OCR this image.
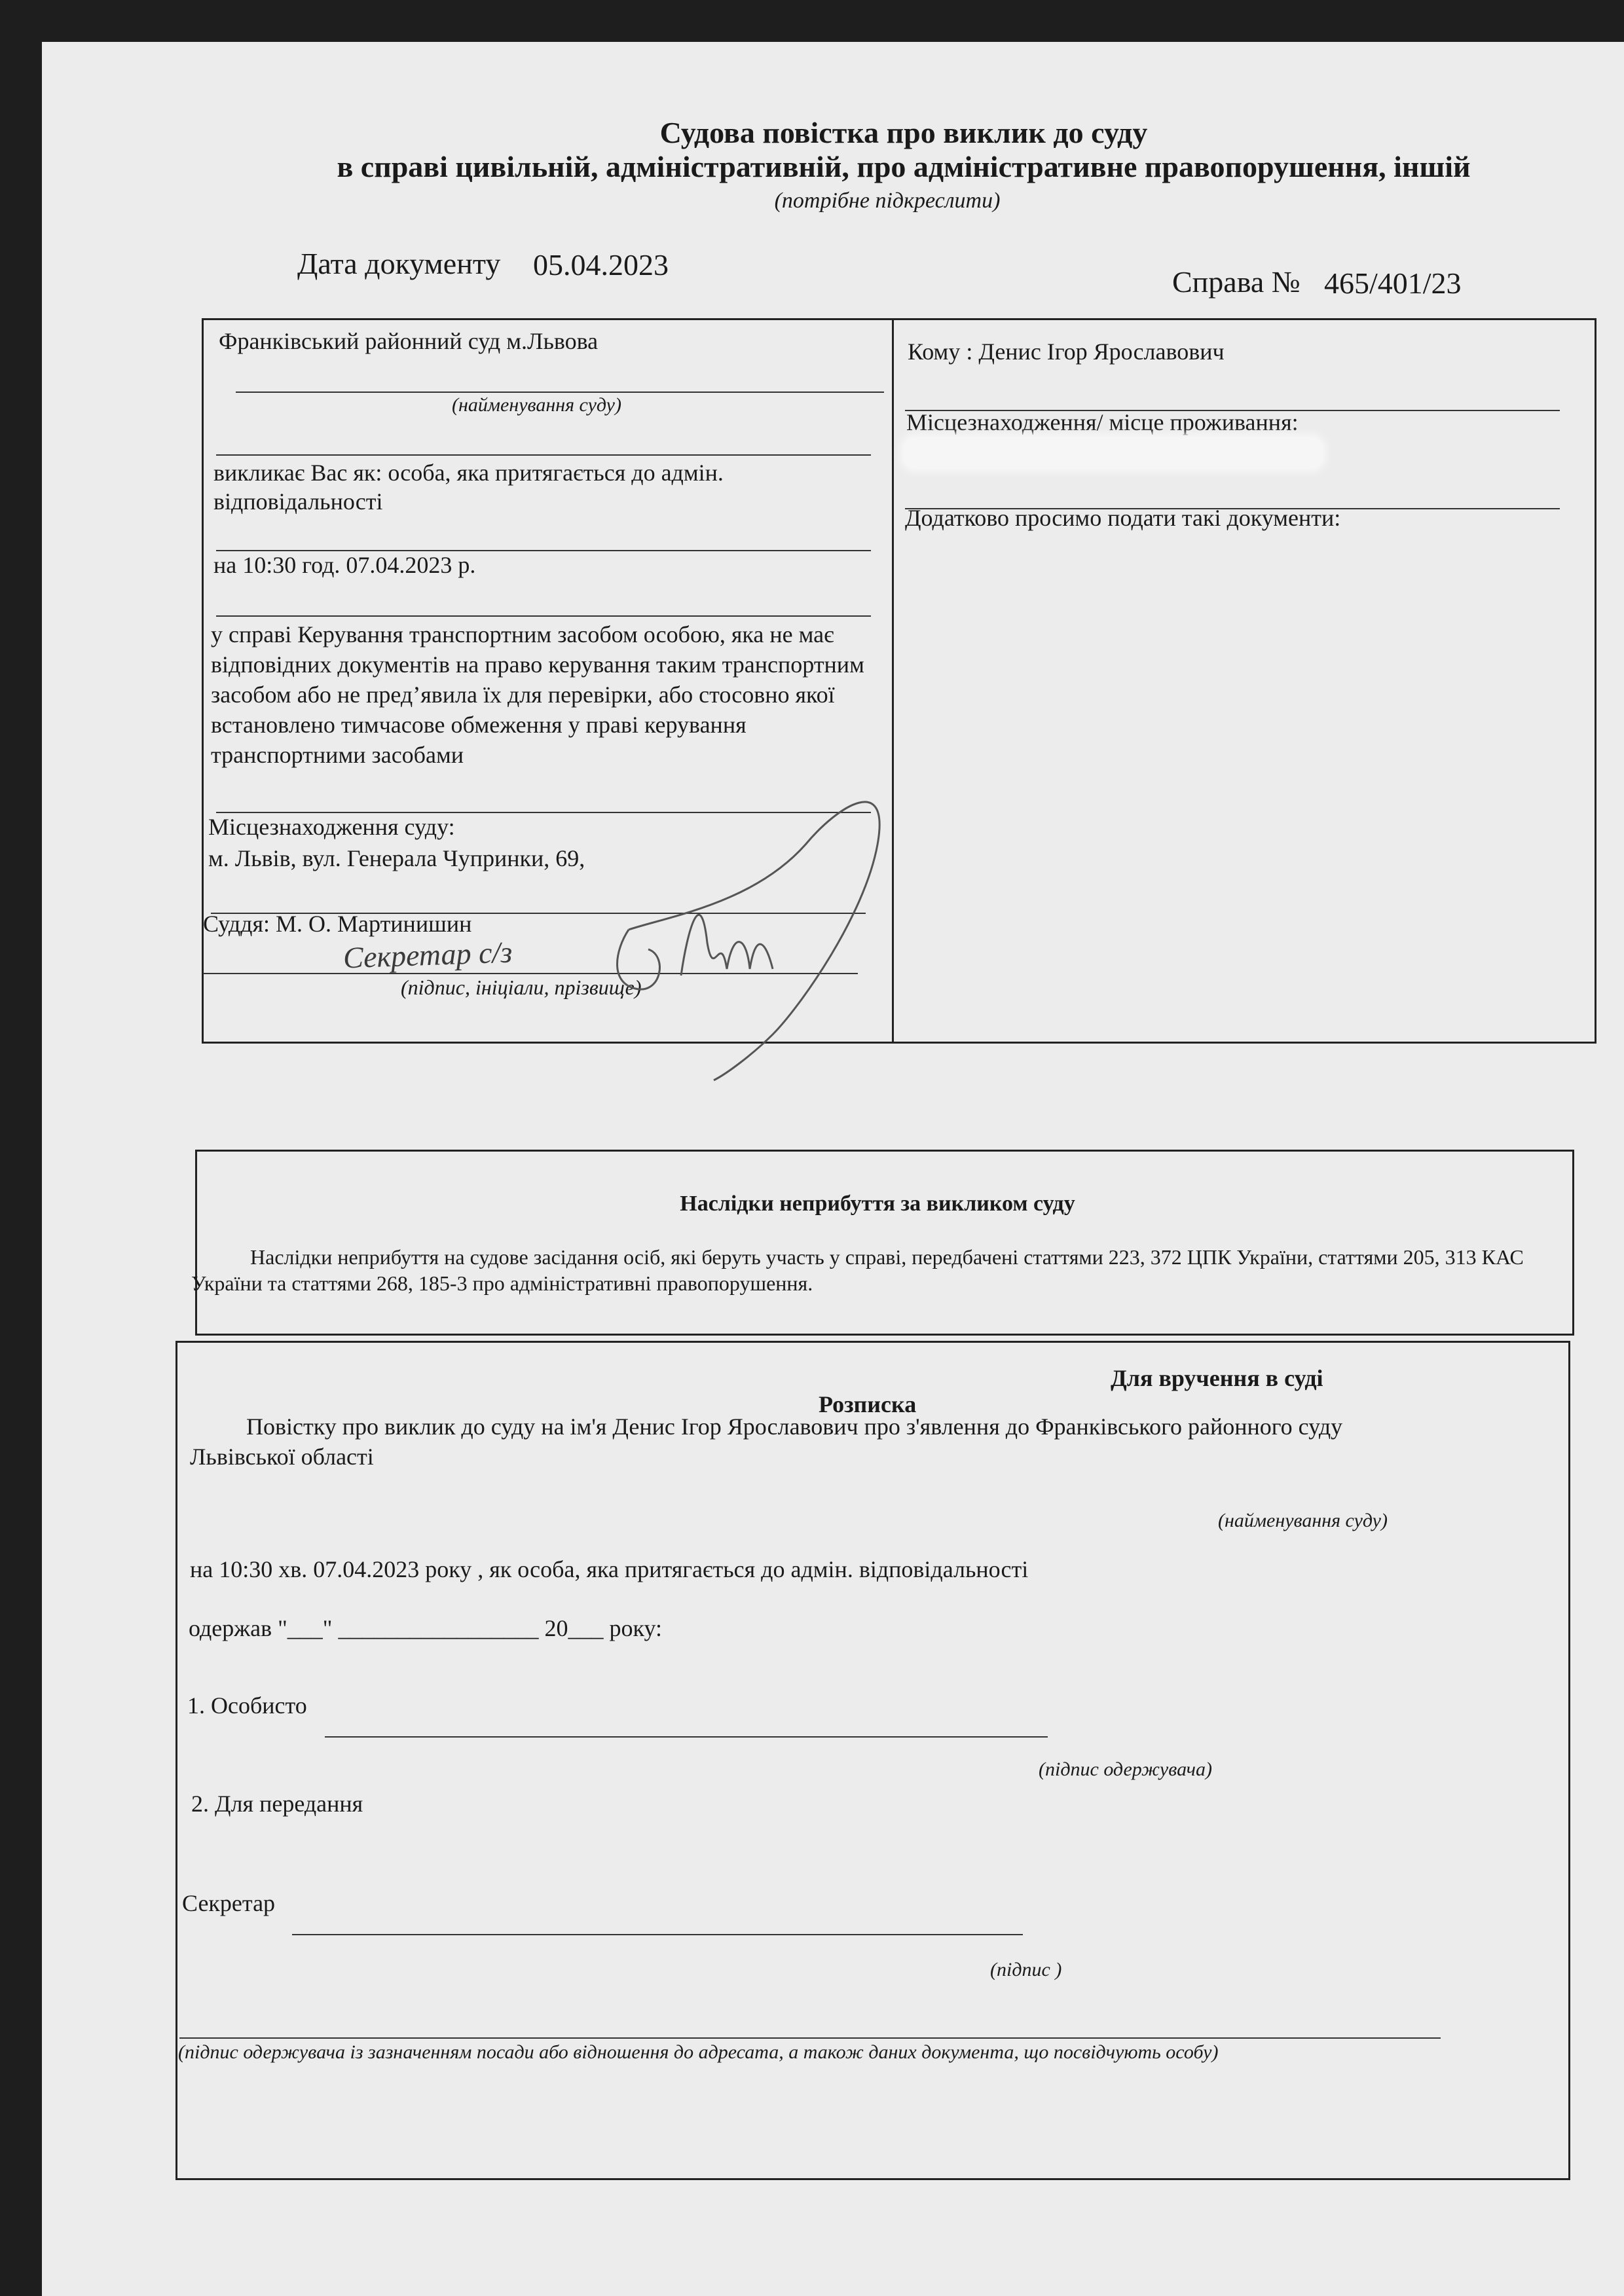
Судова повістка про виклик до суду
в справі цивільній, адміністративній, про адміністративне правопорушення, іншій
(потрібне підкреслити)
Дата документу 05.04.2023
Справа № 465/401/23
Франківський районний суд м.Львова
(найменування суду)
викликає Вас як: особа, яка притягається до адмін. відповідальності
на 10:30 год. 07.04.2023 р.
у справі Керування транспортним засобом особою, яка не має відповідних документів на право керування таким транспортним засобом або не пред’явила їх для перевірки, або стосовно якої встановлено тимчасове обмеження у праві керування транспортними засобами
Місцезнаходження суду:
м. Львів, вул. Генерала Чупринки, 69,
Суддя: М. О. Мартинишин
Секретар с/з
(підпис, ініціали, прізвище)
Кому : Денис Ігор Ярославович
Місцезнаходження/ місце проживання:
Додатково просимо подати такі документи:
Наслідки неприбуття за викликом суду
Наслідки неприбуття на судове засідання осіб, які беруть участь у справі, передбачені статтями 223, 372 ЦПК України, статтями 205, 313 КАС України та статтями 268, 185-3 про адміністративні правопорушення.
Для вручення в суді
Розписка
Повістку про виклик до суду на ім'я Денис Ігор Ярославович про з'явлення до Франківського районного суду
Львівської області
(найменування суду)
на 10:30 хв. 07.04.2023 року , як особа, яка притягається до адмін. відповідальності
одержав "___" _________________ 20___ року:
1. Особисто
(підпис одержувача)
2. Для передання
Секретар
(підпис )
(підпис одержувача із зазначенням посади або відношення до адресата, а також даних документа, що посвідчують особу)
